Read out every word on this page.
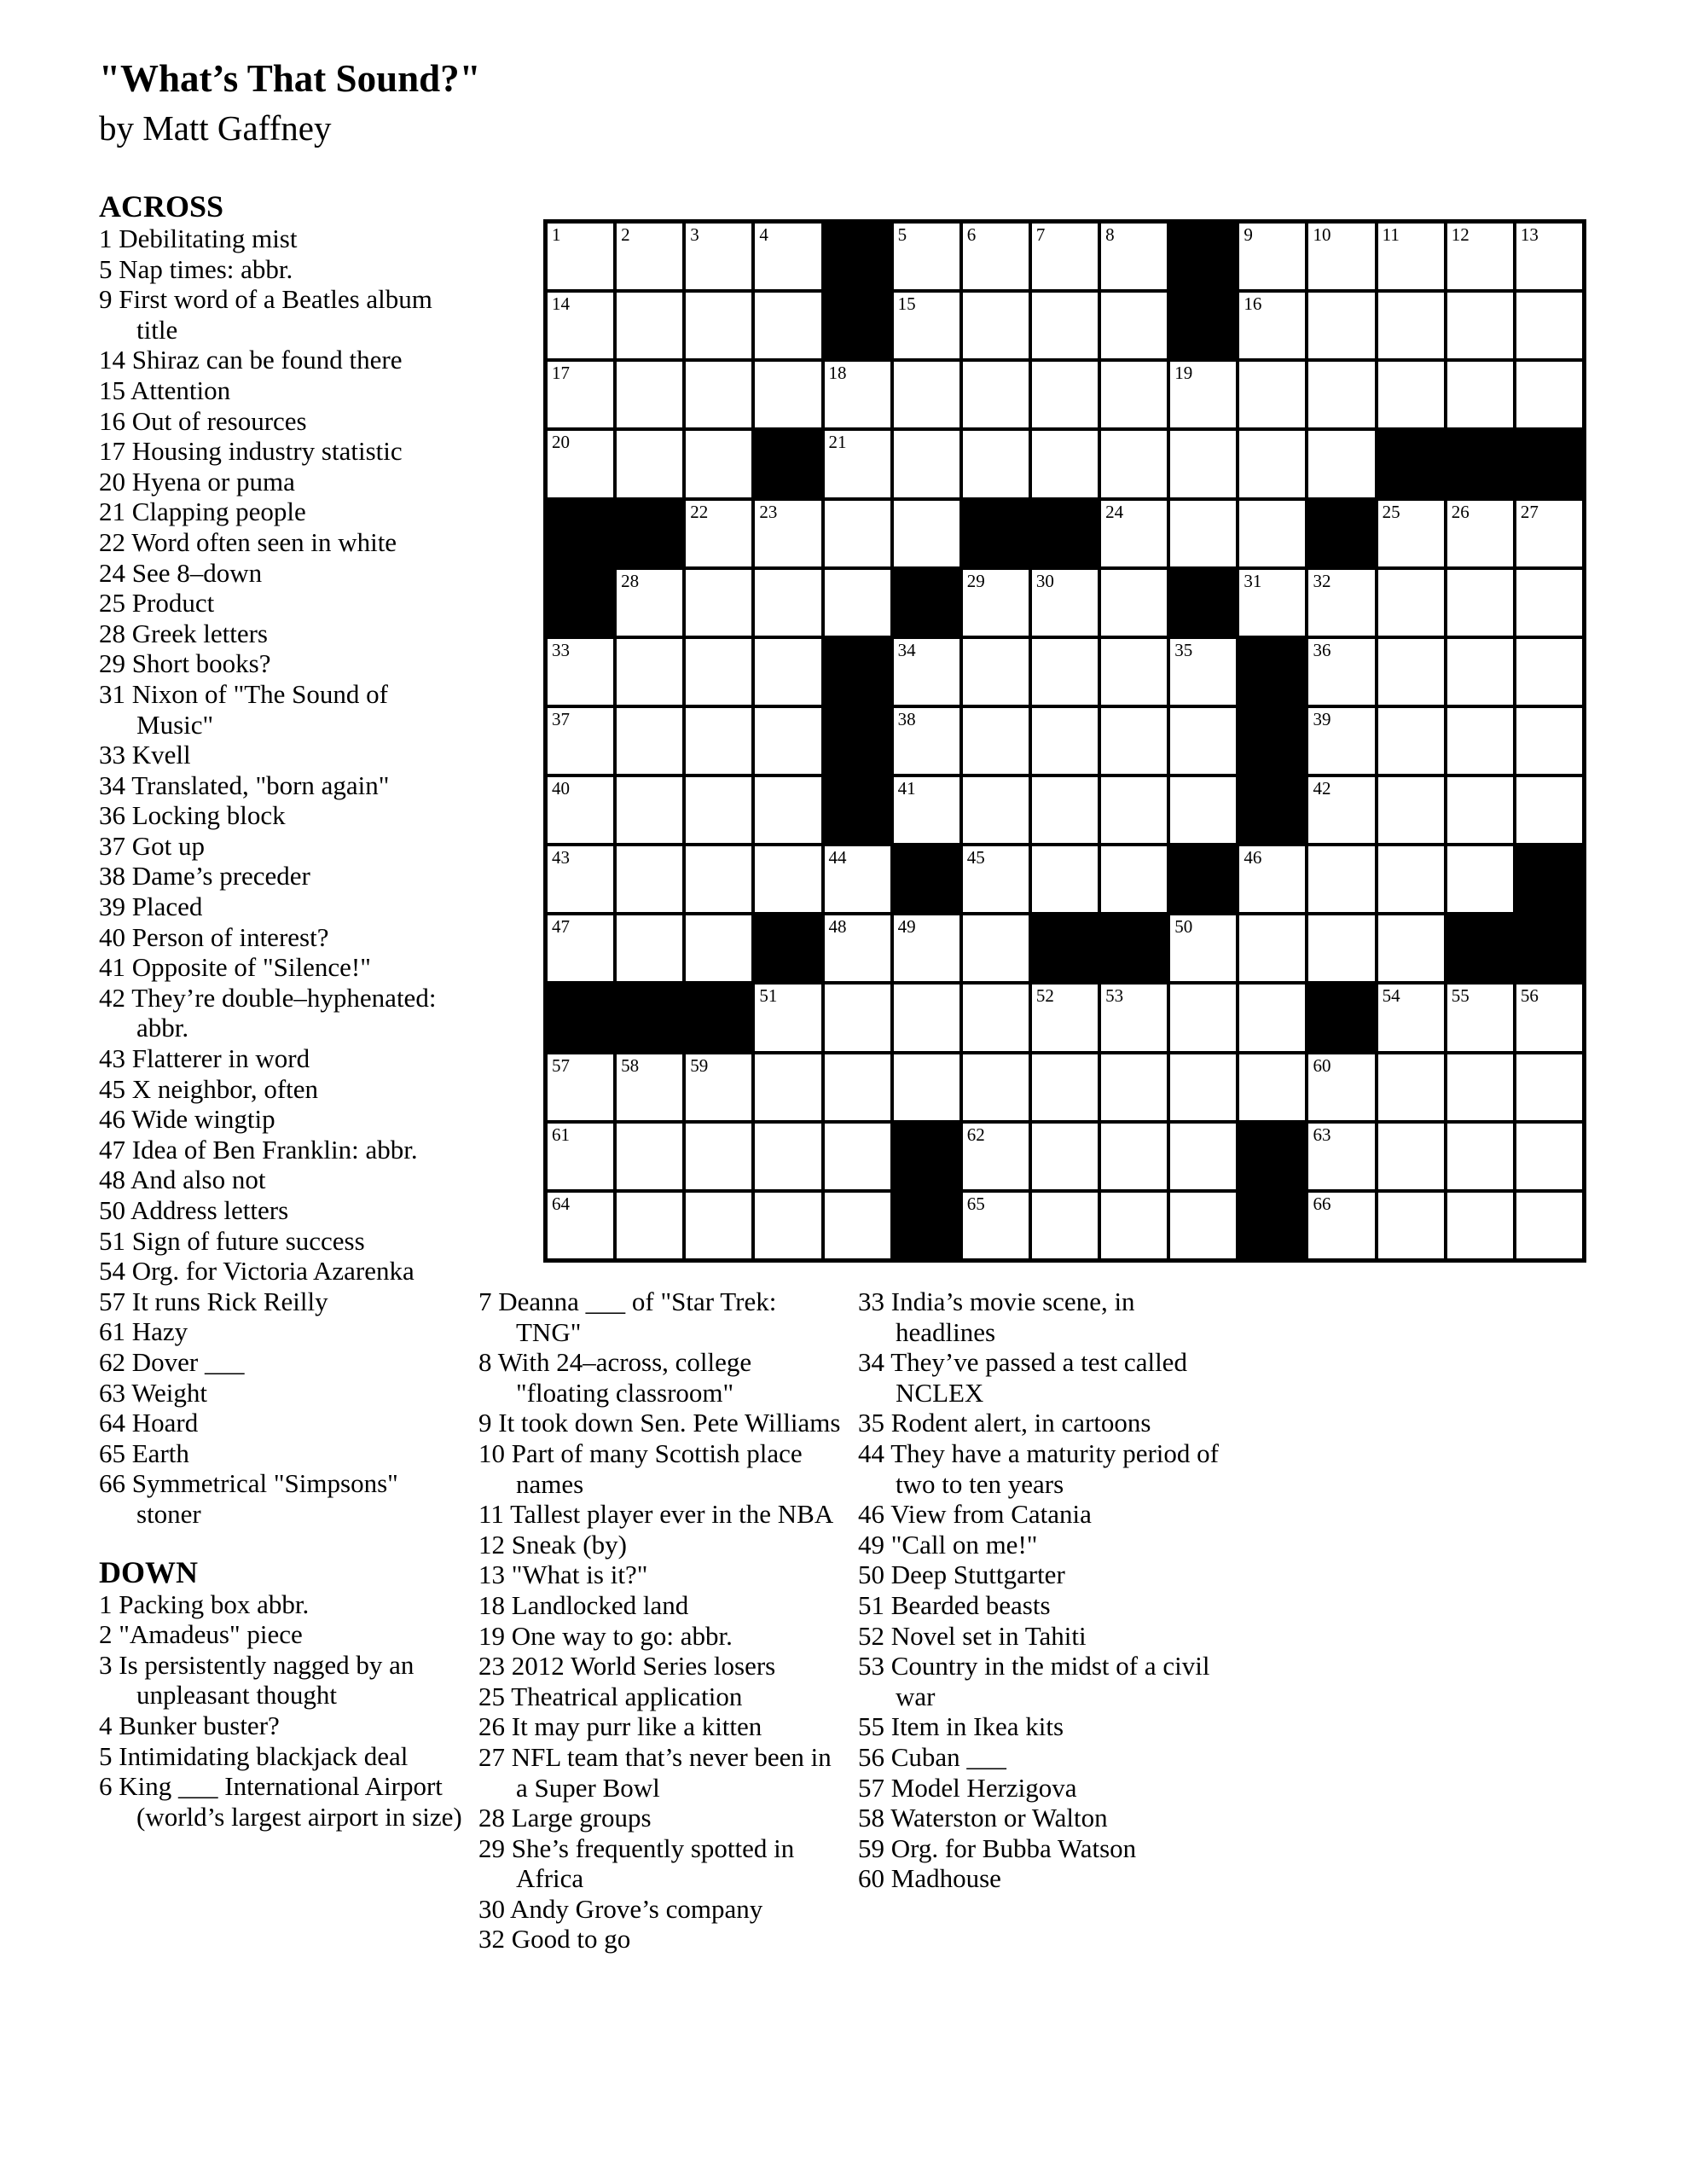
"What’s That Sound?"
by Matt Gaffney
ACROSS
1 Debilitating mist
5 Nap times: abbr.
9 First word of a Beatles album title
14 Shiraz can be found there
15 Attention
16 Out of resources
17 Housing industry statistic
20 Hyena or puma
21 Clapping people
22 Word often seen in white
24 See 8–down
25 Product
28 Greek letters
29 Short books?
31 Nixon of "The Sound of Music"
33 Kvell
34 Translated, "born again"
36 Locking block
37 Got up
38 Dame’s preceder
39 Placed
40 Person of interest?
41 Opposite of "Silence!"
42 They’re double–hyphenated: abbr.
43 Flatterer in word
45 X neighbor, often
46 Wide wingtip
47 Idea of Ben Franklin: abbr.
48 And also not
50 Address letters
51 Sign of future success
54 Org. for Victoria Azarenka
57 It runs Rick Reilly
61 Hazy
62 Dover ___
63 Weight
64 Hoard
65 Earth
66 Symmetrical "Simpsons" stoner
DOWN
1 Packing box abbr.
2 "Amadeus" piece
3 Is persistently nagged by an unpleasant thought
4 Bunker buster?
5 Intimidating blackjack deal
6 King ___ International Airport (world’s largest airport in size)
7 Deanna ___ of "Star Trek: TNG"
8 With 24–across, college "floating classroom"
9 It took down Sen. Pete Williams
10 Part of many Scottish place names
11 Tallest player ever in the NBA
12 Sneak (by)
13 "What is it?"
18 Landlocked land
19 One way to go: abbr.
23 2012 World Series losers
25 Theatrical application
26 It may purr like a kitten
27 NFL team that’s never been in a Super Bowl
28 Large groups
29 She’s frequently spotted in Africa
30 Andy Grove’s company
32 Good to go
33 India’s movie scene, in headlines
34 They’ve passed a test called NCLEX
35 Rodent alert, in cartoons
44 They have a maturity period of two to ten years
46 View from Catania
49 "Call on me!"
50 Deep Stuttgarter
51 Bearded beasts
52 Novel set in Tahiti
53 Country in the midst of a civil war
55 Item in Ikea kits
56 Cuban ___
57 Model Herzigova
58 Waterston or Walton
59 Org. for Bubba Watson
60 Madhouse
1	2	3	4	5	6	7	8	9	10	11	12	13
14	15	16
17	18	19
20	21
22	23	24	25	26	27
28	29	30	31	32
33	34	35	36
37	38	39
40	41	42
43	44	45	46
47	48	49	50
51	52	53	54	55	56
57	58	59	60
61	62	63
64	65	66
